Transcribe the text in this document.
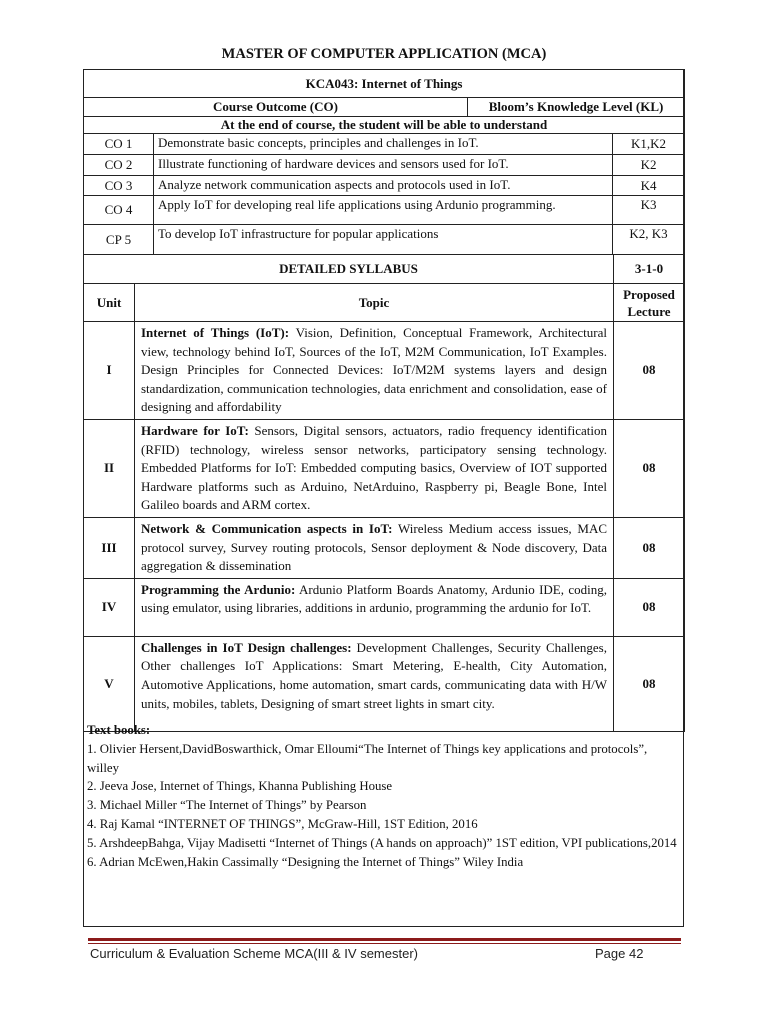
MASTER OF COMPUTER APPLICATION (MCA)
KCA043: Internet of Things			
Course Outcome (CO)		Bloom’s Knowledge Level (KL)	
At the end of course, the student will be able to understand			
CO 1	Demonstrate basic concepts, principles and challenges in IoT.		K1,K2
CO 2	Illustrate functioning of hardware devices and sensors used for IoT.		K2
CO 3	Analyze network communication aspects and protocols used in IoT.		K4
CO 4	Apply IoT for developing real life applications using Ardunio programming.		K3
CP 5	To develop IoT infrastructure for popular applications		K2, K3
DETAILED SYLLABUS		3-1-0
Unit	Topic	Proposed Lecture
I	Internet of Things (IoT): Vision, Definition, Conceptual Framework, Architectural view, technology behind IoT, Sources of the IoT, M2M Communication, IoT Examples. Design Principles for Connected Devices: IoT/M2M systems layers and design standardization, communication technologies, data enrichment and consolidation, ease of designing and affordability	08
II	Hardware for IoT: Sensors, Digital sensors, actuators, radio frequency identification (RFID) technology, wireless sensor networks, participatory sensing technology. Embedded Platforms for IoT: Embedded computing basics, Overview of IOT supported Hardware platforms such as Arduino, NetArduino, Raspberry pi, Beagle Bone, Intel Galileo boards and ARM cortex.	08
III	Network & Communication aspects in IoT: Wireless Medium access issues, MAC protocol survey, Survey routing protocols, Sensor deployment & Node discovery, Data aggregation & dissemination	08
IV	Programming the Ardunio: Ardunio Platform Boards Anatomy, Ardunio IDE, coding, using emulator, using libraries, additions in ardunio, programming the ardunio for IoT.	08
V	Challenges in IoT Design challenges: Development Challenges, Security Challenges, Other challenges IoT Applications: Smart Metering, E-health, City Automation, Automotive Applications, home automation, smart cards, communicating data with H/W units, mobiles, tablets, Designing of smart street lights in smart city.	08
Text books:
1. Olivier Hersent,DavidBoswarthick, Omar Elloumi“The Internet of Things key applications and protocols”, willey
2. Jeeva Jose, Internet of Things, Khanna Publishing House
3. Michael Miller “The Internet of Things” by Pearson
4. Raj Kamal “INTERNET OF THINGS”, McGraw-Hill, 1ST Edition, 2016
5. ArshdeepBahga, Vijay Madisetti “Internet of Things (A hands on approach)” 1ST edition, VPI publications,2014
6. Adrian McEwen,Hakin Cassimally “Designing the Internet of Things” Wiley India
Curriculum & Evaluation Scheme MCA(III & IV semester)	Page 42
